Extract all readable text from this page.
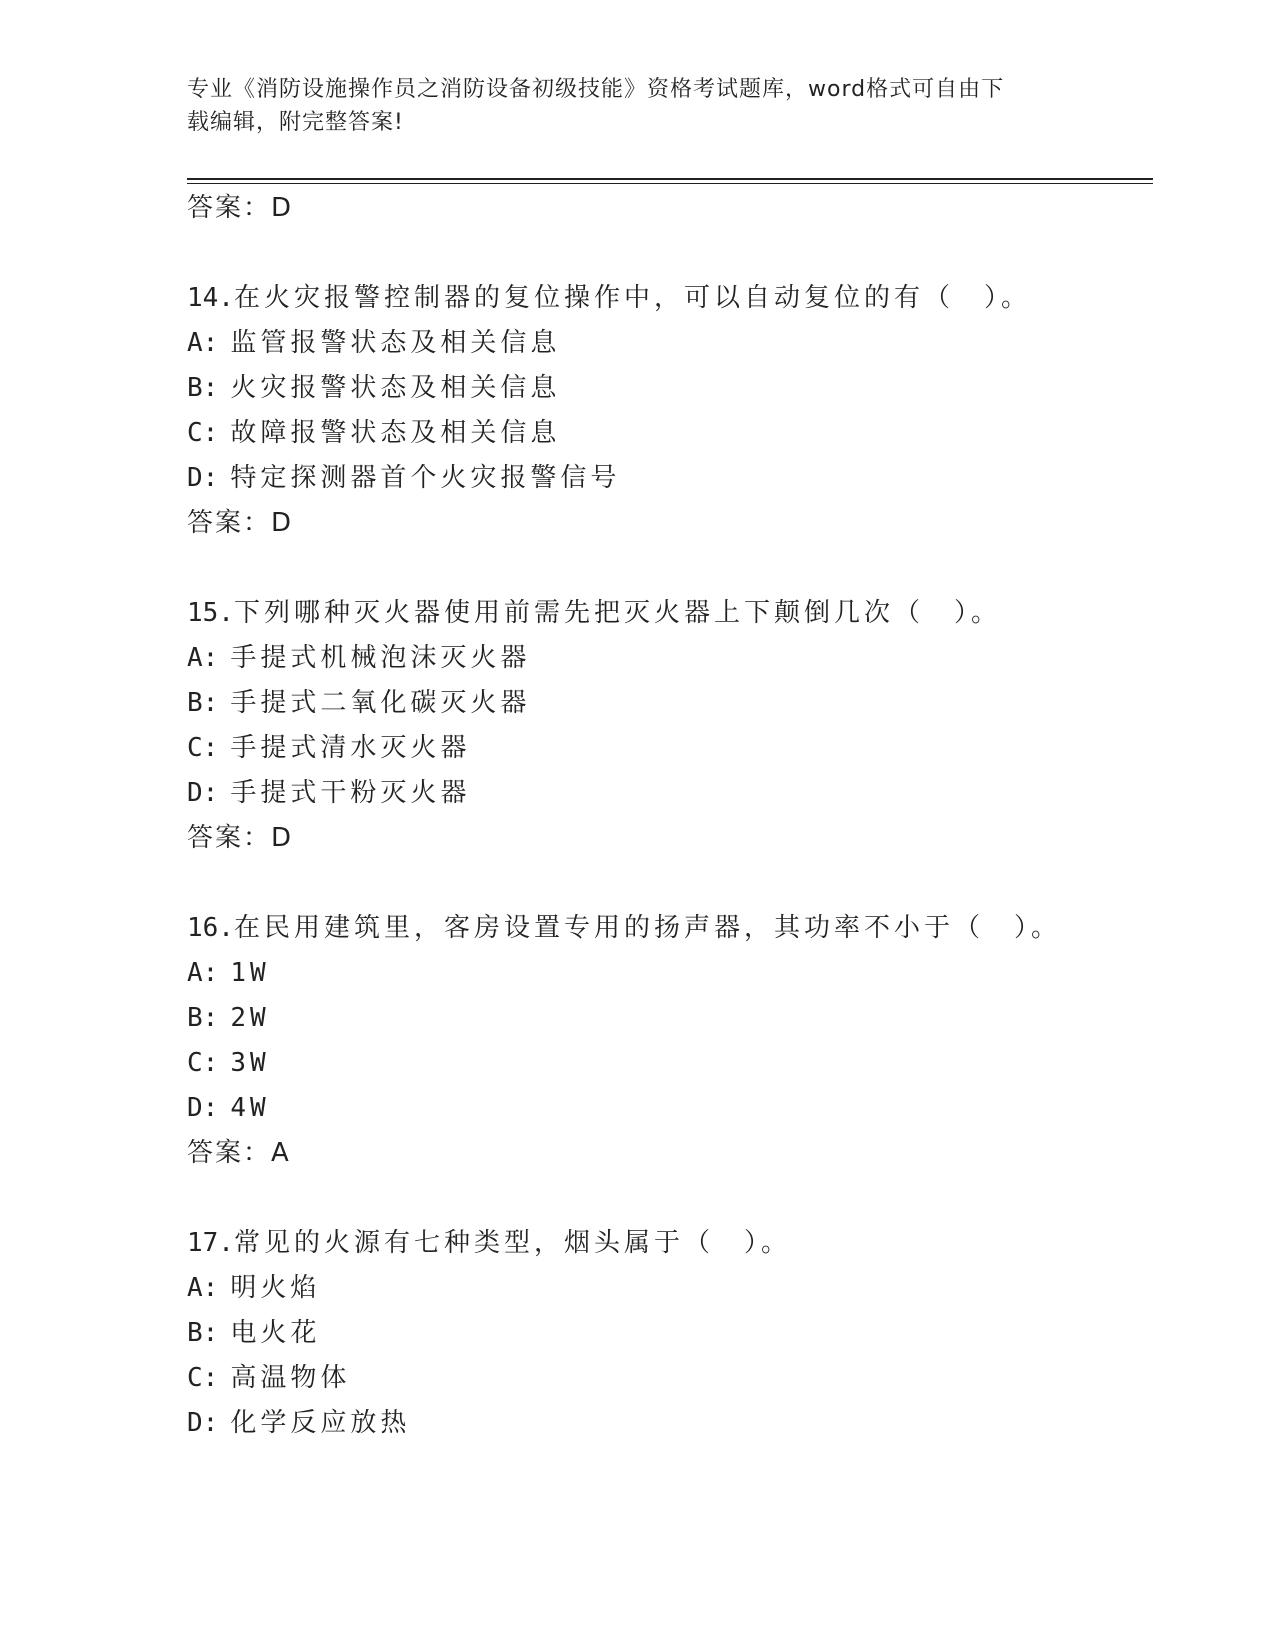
专业《消防设施操作员之消防设备初级技能》资格考试题库，word格式可自由下
载编辑，附完整答案!
答案：D
14.在火灾报警控制器的复位操作中，可以自动复位的有（　）。
A: 监管报警状态及相关信息
B: 火灾报警状态及相关信息
C: 故障报警状态及相关信息
D: 特定探测器首个火灾报警信号
答案：D
15.下列哪种灭火器使用前需先把灭火器上下颠倒几次（　）。
A: 手提式机械泡沫灭火器
B: 手提式二氧化碳灭火器
C: 手提式清水灭火器
D: 手提式干粉灭火器
答案：D
16.在民用建筑里，客房设置专用的扬声器，其功率不小于（　）。
A: 1W
B: 2W
C: 3W
D: 4W
答案：A
17.常见的火源有七种类型，烟头属于（　）。
A: 明火焰
B: 电火花
C: 高温物体
D: 化学反应放热
